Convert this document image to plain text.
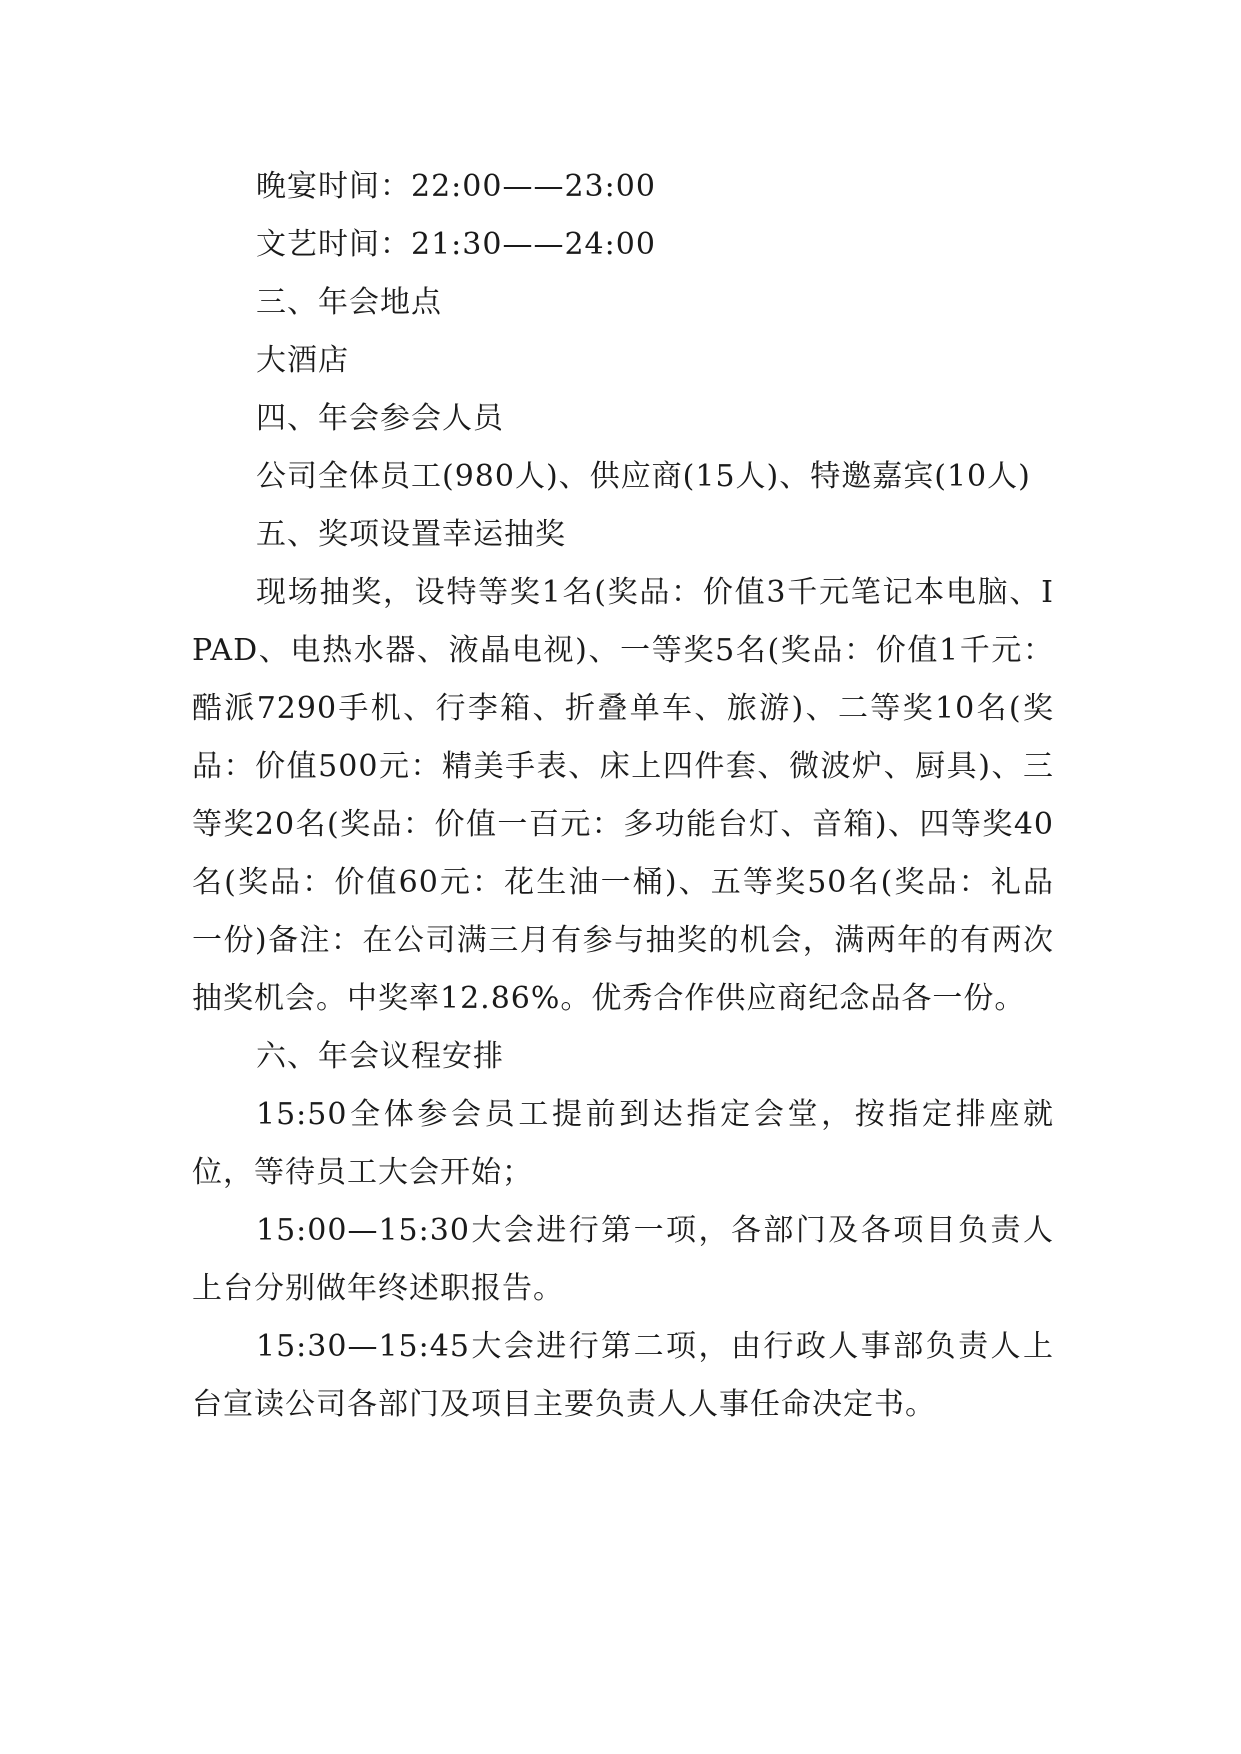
晚宴时间：22:00——23:00

文艺时间：21:30——24:00

三、年会地点

大酒店

四、年会参会人员

公司全体员工(980人)、供应商(15人)、特邀嘉宾(10人)

五、奖项设置幸运抽奖

现场抽奖，设特等奖1名(奖品：价值3千元笔记本电脑、IPAD、电热水器、液晶电视)、一等奖5名(奖品：价值1千元：酷派7290手机、行李箱、折叠单车、旅游)、二等奖10名(奖品：价值500元：精美手表、床上四件套、微波炉、厨具)、三等奖20名(奖品：价值一百元：多功能台灯、音箱)、四等奖40名(奖品：价值60元：花生油一桶)、五等奖50名(奖品：礼品一份)备注：在公司满三月有参与抽奖的机会，满两年的有两次抽奖机会。中奖率12.86%。优秀合作供应商纪念品各一份。

六、年会议程安排

15:50全体参会员工提前到达指定会堂，按指定排座就位，等待员工大会开始；

15:00—15:30大会进行第一项，各部门及各项目负责人上台分别做年终述职报告。

15:30—15:45大会进行第二项，由行政人事部负责人上台宣读公司各部门及项目主要负责人人事任命决定书。
